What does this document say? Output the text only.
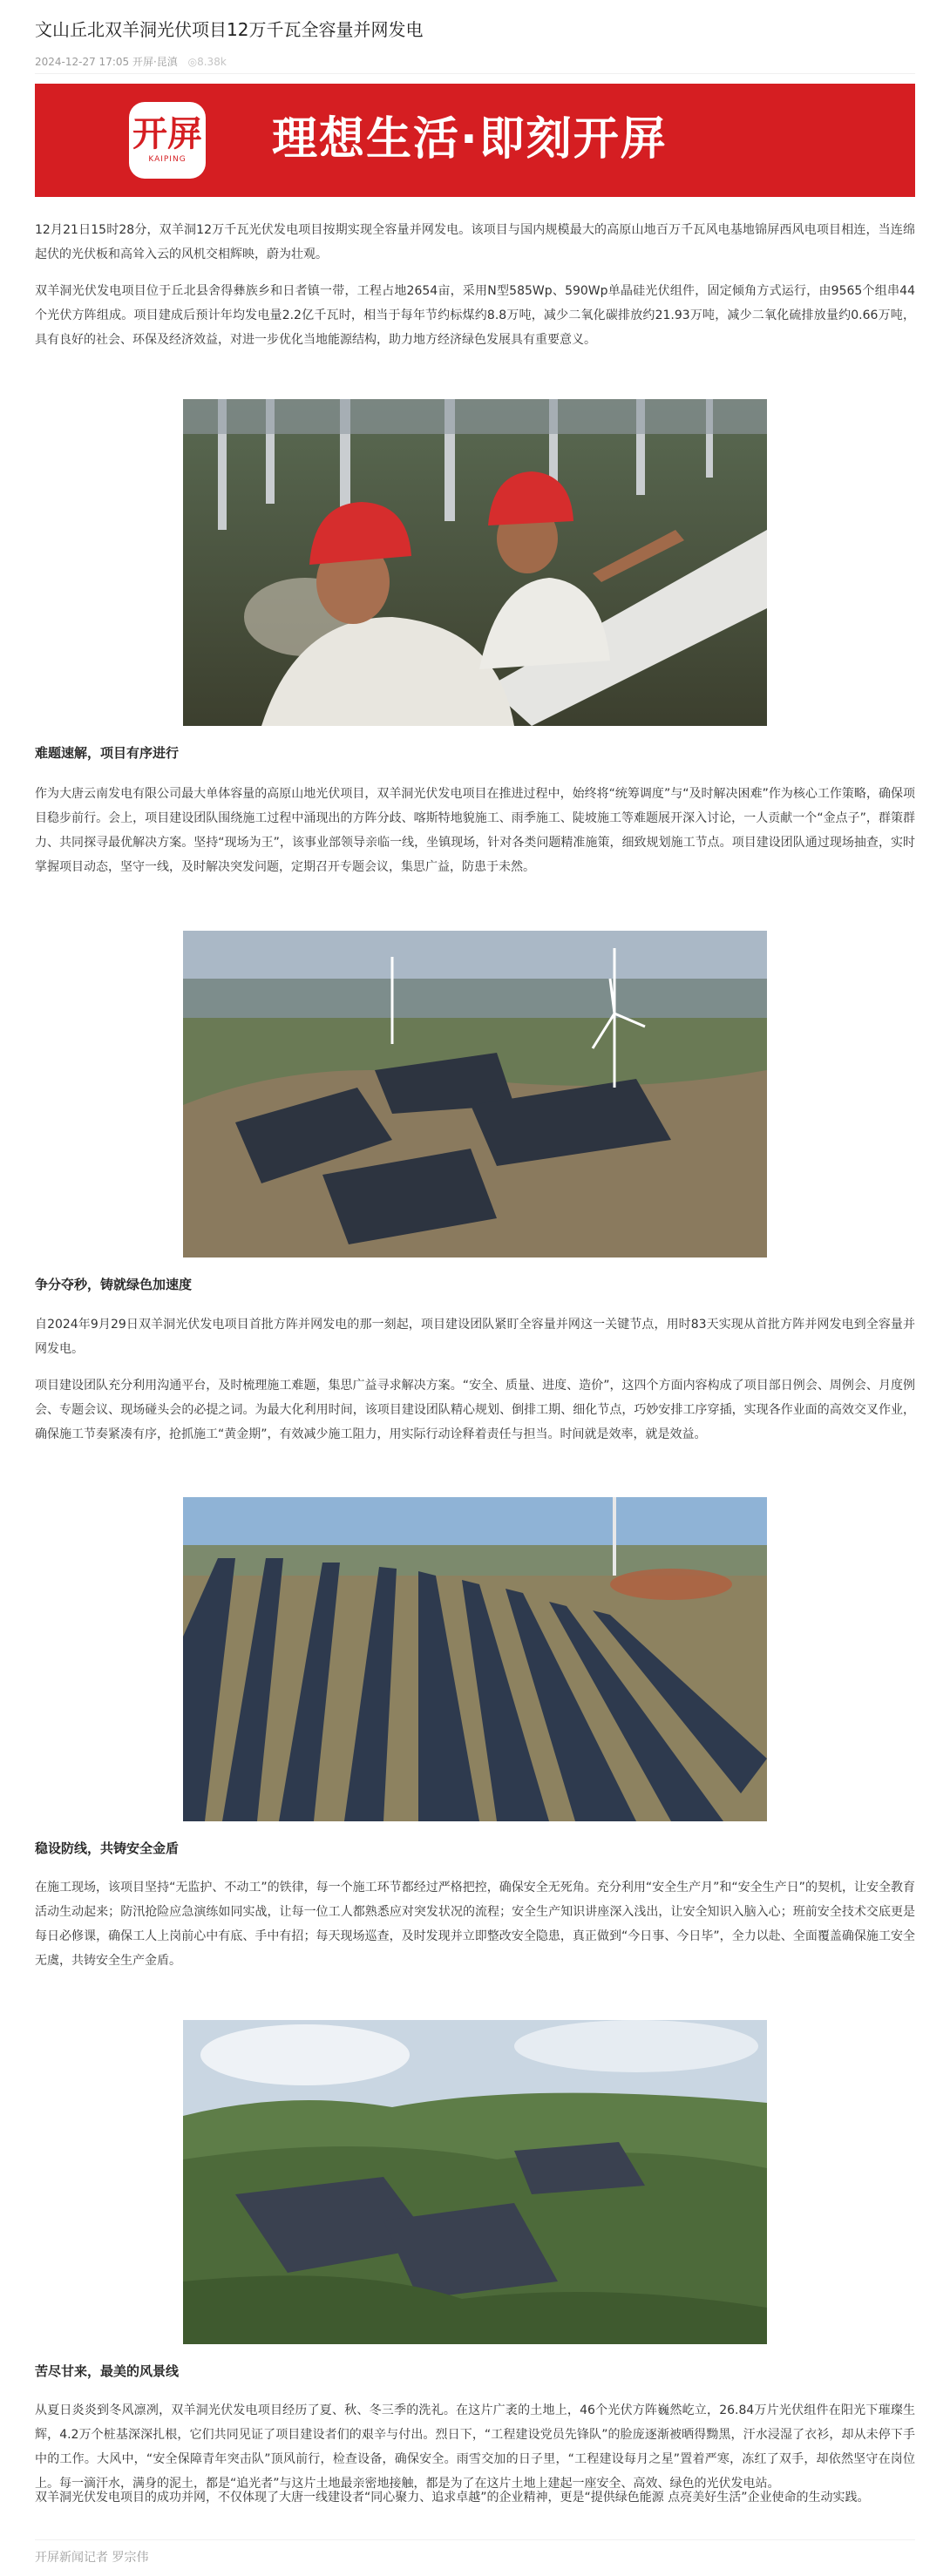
文山丘北双羊洞光伏项目12万千瓦全容量并网发电
2024-12-27 17:05 开屏·昆滇 ◎8.38k
开屏
KAIPING 理想生活·即刻开屏

12月21日15时28分，双羊洞12万千瓦光伏发电项目按期实现全容量并网发电。该项目与国内规模最大的高原山地百万千瓦风电基地锦屏西风电项目相连，当连绵起伏的光伏板和高耸入云的风机交相辉映，蔚为壮观。

双羊洞光伏发电项目位于丘北县舍得彝族乡和日者镇一带，工程占地2654亩，采用N型585Wp、590Wp单晶硅光伏组件，固定倾角方式运行，由9565个组串44个光伏方阵组成。项目建成后预计年均发电量2.2亿千瓦时，相当于每年节约标煤约8.8万吨，减少二氧化碳排放约21.93万吨，减少二氧化硫排放量约0.66万吨，具有良好的社会、环保及经济效益，对进一步优化当地能源结构，助力地方经济绿色发展具有重要意义。

难题速解，项目有序进行

作为大唐云南发电有限公司最大单体容量的高原山地光伏项目，双羊洞光伏发电项目在推进过程中，始终将“统筹调度”与“及时解决困难”作为核心工作策略，确保项目稳步前行。会上，项目建设团队围绕施工过程中涌现出的方阵分歧、喀斯特地貌施工、雨季施工、陡坡施工等难题展开深入讨论，一人贡献一个“金点子”，群策群力、共同探寻最优解决方案。坚持“现场为王”，该事业部领导亲临一线，坐镇现场，针对各类问题精准施策，细致规划施工节点。项目建设团队通过现场抽查，实时掌握项目动态，坚守一线，及时解决突发问题，定期召开专题会议，集思广益，防患于未然。

争分夺秒，铸就绿色加速度

自2024年9月29日双羊洞光伏发电项目首批方阵并网发电的那一刻起，项目建设团队紧盯全容量并网这一关键节点，用时83天实现从首批方阵并网发电到全容量并网发电。

项目建设团队充分利用沟通平台，及时梳理施工难题，集思广益寻求解决方案。“安全、质量、进度、造价”，这四个方面内容构成了项目部日例会、周例会、月度例会、专题会议、现场碰头会的必提之词。为最大化利用时间，该项目建设团队精心规划、倒排工期、细化节点，巧妙安排工序穿插，实现各作业面的高效交叉作业，确保施工节奏紧凑有序，抢抓施工“黄金期”，有效减少施工阻力，用实际行动诠释着责任与担当。时间就是效率，就是效益。

稳设防线，共铸安全金盾

在施工现场，该项目坚持“无监护、不动工”的铁律，每一个施工环节都经过严格把控，确保安全无死角。充分利用“安全生产月”和“安全生产日”的契机，让安全教育活动生动起来；防汛抢险应急演练如同实战，让每一位工人都熟悉应对突发状况的流程；安全生产知识讲座深入浅出，让安全知识入脑入心；班前安全技术交底更是每日必修课，确保工人上岗前心中有底、手中有招；每天现场巡查，及时发现并立即整改安全隐患，真正做到“今日事、今日毕”，全力以赴、全面覆盖确保施工安全无虞，共铸安全生产金盾。

苦尽甘来，最美的风景线

从夏日炎炎到冬风凛冽，双羊洞光伏发电项目经历了夏、秋、冬三季的洗礼。在这片广袤的土地上，46个光伏方阵巍然屹立，26.84万片光伏组件在阳光下璀璨生辉，4.2万个桩基深深扎根，它们共同见证了项目建设者们的艰辛与付出。烈日下，“工程建设党员先锋队”的脸庞逐渐被晒得黝黑，汗水浸湿了衣衫，却从未停下手中的工作。大风中，“安全保障青年突击队”顶风前行，检查设备，确保安全。雨雪交加的日子里，“工程建设每月之星”置着严寒，冻红了双手，却依然坚守在岗位上。每一滴汗水，满身的泥土，都是“追光者”与这片土地最亲密地接触，都是为了在这片土地上建起一座安全、高效、绿色的光伏发电站。

双羊洞光伏发电项目的成功并网，不仅体现了大唐一线建设者“同心聚力、追求卓越”的企业精神，更是“提供绿色能源 点亮美好生活”企业使命的生动实践。

开屏新闻记者 罗宗伟
